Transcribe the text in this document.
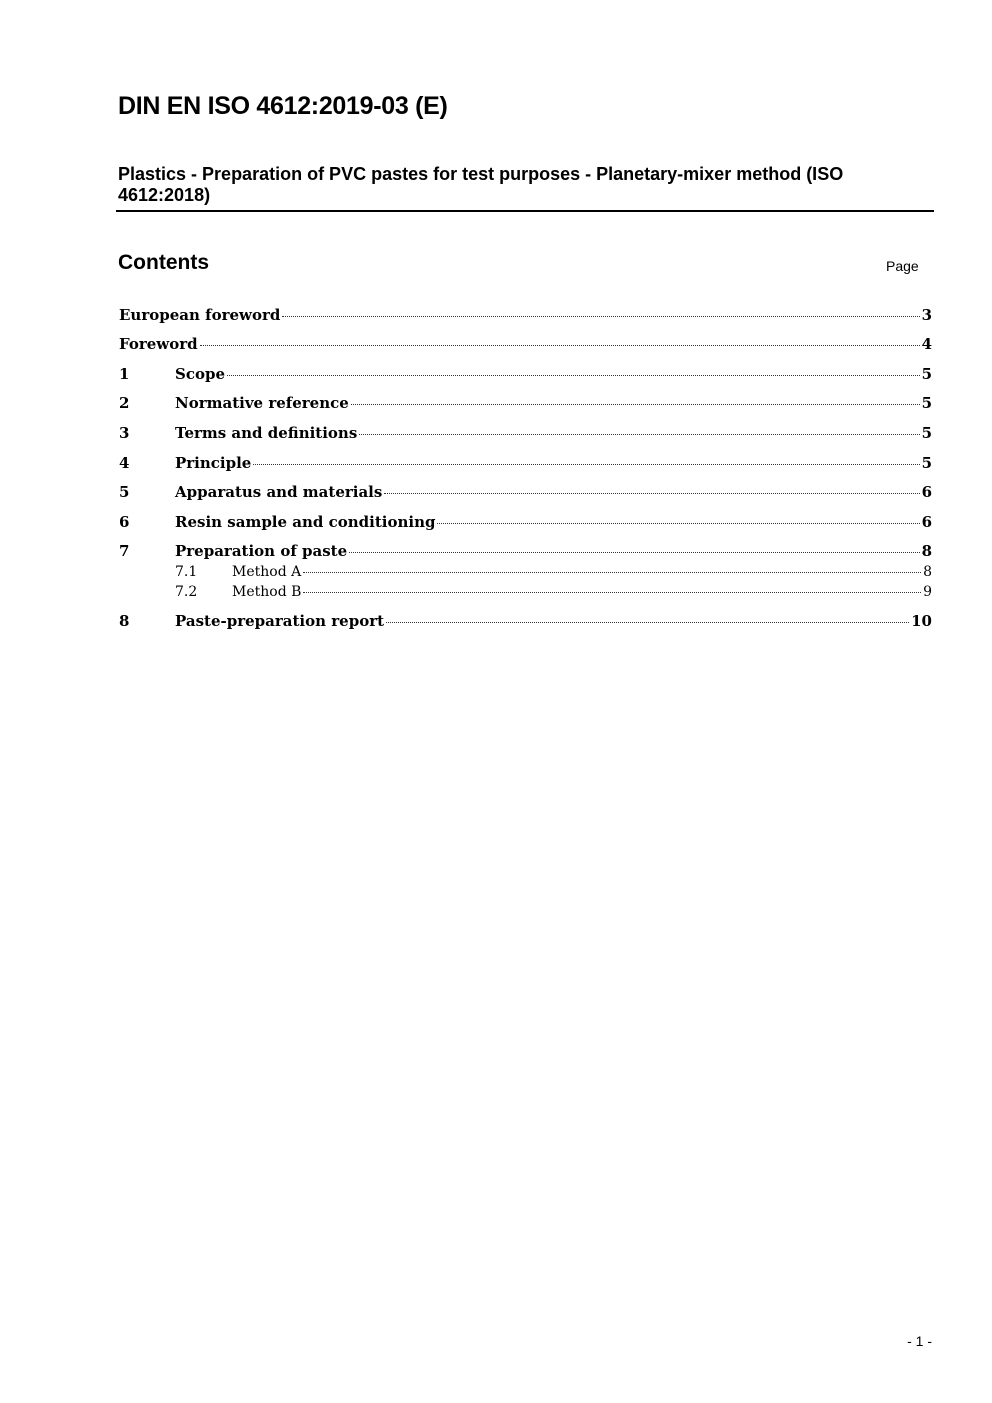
DIN EN ISO 4612:2019-03 (E)
Plastics - Preparation of PVC pastes for test purposes - Planetary-mixer method (ISO 4612:2018)
Contents	Page
European foreword	3
Foreword	4
1	Scope	5
2	Normative reference	5
3	Terms and definitions	5
4	Principle	5
5	Apparatus and materials	6
6	Resin sample and conditioning	6
7	Preparation of paste	8
7.1	Method A	8
7.2	Method B	9
8	Paste-preparation report	10
- 1 -
